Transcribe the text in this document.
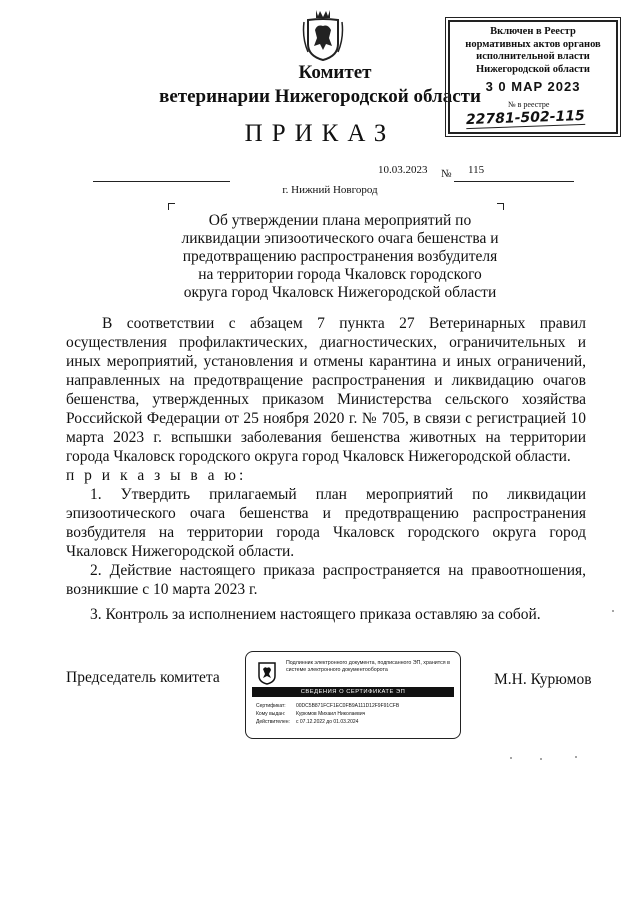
Комитет
ветеринарии Нижегородской области
ПРИКАЗ
Включен в Реестр
нормативных актов органов
исполнительной власти
Нижегородской области
3 0 MAP 2023
№ в реестре
22781-502-115
10.03.2023 № 115
г. Нижний Новгород
Об утверждении плана мероприятий по
ликвидации эпизоотического очага бешенства и
предотвращению распространения возбудителя
на территории города Чкаловск городского
округа город Чкаловск Нижегородской области

В соответствии с абзацем 7 пункта 27 Ветеринарных правил осуществления профилактических, диагностических, ограничительных и иных мероприятий, установления и отмены карантина и иных ограничений, направленных на предотвращение распространения и ликвидацию очагов бешенства, утвержденных приказом Министерства сельского хозяйства Российской Федерации от 25 ноября 2020 г. № 705, в связи с регистрацией 10 марта 2023 г. вспышки заболевания бешенства животных на территории города Чкаловск городского округа город Чкаловск Нижегородской области.

п р и к а з ы в а ю:

1. Утвердить прилагаемый план мероприятий по ликвидации эпизоотического очага бешенства и предотвращению распространения возбудителя на территории города Чкаловск городского округа город Чкаловск Нижегородской области.

2. Действие настоящего приказа распространяется на правоотношения, возникшие с 10 марта 2023 г.

3. Контроль за исполнением настоящего приказа оставляю за собой.

Председатель комитета	М.Н. Курюмов
Подлинник электронного документа, подписанного ЭП, хранится в системе электронного документооборота
СВЕДЕНИЯ О СЕРТИФИКАТЕ ЭП
Сертификат: 00DC5B871FCF1EC0FB9A111D12F9F91CFB
Кому выдан: Курюмов Михаил Николаевич
Действителен: с 07.12.2022 до 01.03.2024
